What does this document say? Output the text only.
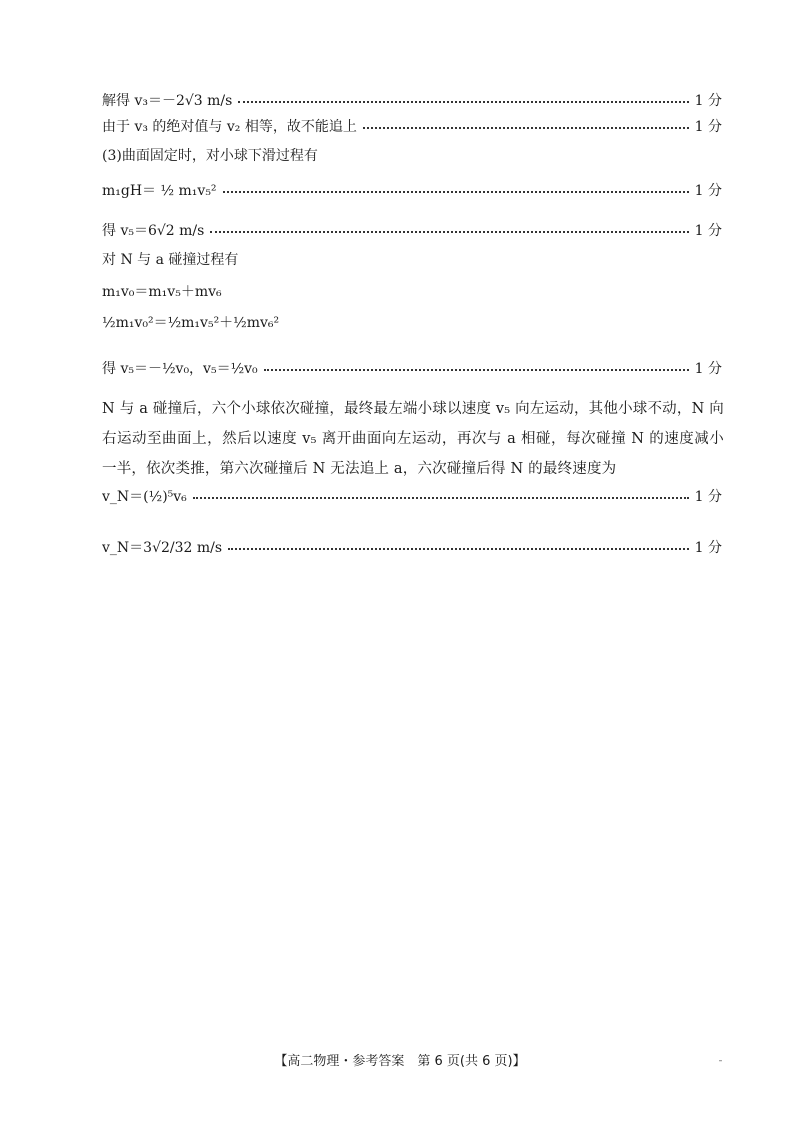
解得 v₃＝－2√3 m/s	1 分
由于 v₃ 的绝对值与 v₂ 相等，故不能追上	1 分
(3)曲面固定时，对小球下滑过程有
m₁gH＝ ½ m₁v₅²	1 分
得 v₅＝6√2 m/s	1 分
对 N 与 a 碰撞过程有
m₁v₀＝m₁v₅＋mv₆
½m₁v₀²＝½m₁v₅²＋½mv₆²
得 v₅＝－½v₀，v₅＝½v₀	1 分
N 与 a 碰撞后，六个小球依次碰撞，最终最左端小球以速度 v₅ 向左运动，其他小球不动，N 向右运动至曲面上，然后以速度 v₅ 离开曲面向左运动，再次与 a 相碰，每次碰撞 N 的速度减小一半，依次类推，第六次碰撞后 N 无法追上 a，六次碰撞后得 N 的最终速度为
v_N＝(½)⁵v₆	1 分
v_N＝3√2/32 m/s	1 分
【高二物理・参考答案　第 6 页(共 6 页)】	¯
